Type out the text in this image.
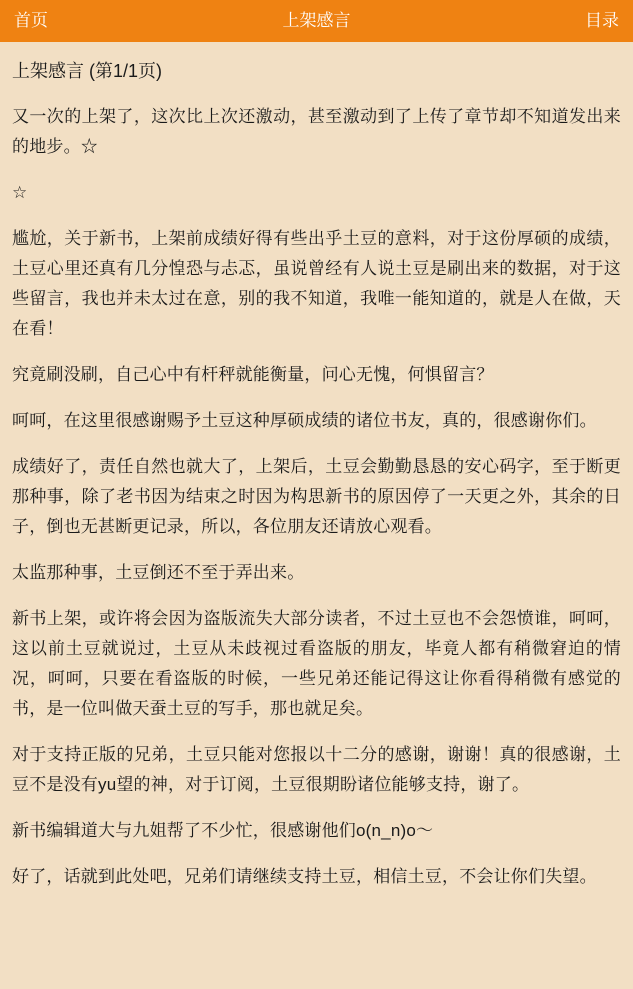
首页	上架感言	目录
上架感言 (第1/1页)

又一次的上架了，这次比上次还激动，甚至激动到了上传了章节却不知道发出来的地步。☆

☆

尴尬，关于新书，上架前成绩好得有些出乎土豆的意料，对于这份厚硕的成绩，土豆心里还真有几分惶恐与忐忑，虽说曾经有人说土豆是刷出来的数据，对于这些留言，我也并未太过在意，别的我不知道，我唯一能知道的，就是人在做，天在看！

究竟刷没刷，自己心中有杆秤就能衡量，问心无愧，何惧留言？

呵呵，在这里很感谢赐予土豆这种厚硕成绩的诸位书友，真的，很感谢你们。

成绩好了，责任自然也就大了，上架后，土豆会勤勤恳恳的安心码字，至于断更那种事，除了老书因为结束之时因为构思新书的原因停了一天更之外，其余的日子，倒也无甚断更记录，所以，各位朋友还请放心观看。

太监那种事，土豆倒还不至于弄出来。

新书上架，或许将会因为盗版流失大部分读者，不过土豆也不会怨愤谁，呵呵，这以前土豆就说过，土豆从未歧视过看盗版的朋友，毕竟人都有稍微窘迫的情况，呵呵，只要在看盗版的时候，一些兄弟还能记得这让你看得稍微有感觉的书，是一位叫做天蚕土豆的写手，那也就足矣。

对于支持正版的兄弟，土豆只能对您报以十二分的感谢，谢谢！真的很感谢，土豆不是没有yu望的神，对于订阅，土豆很期盼诸位能够支持，谢了。

新书编辑道大与九姐帮了不少忙，很感谢他们o(n_n)o～

好了，话就到此处吧，兄弟们请继续支持土豆，相信土豆，不会让你们失望。
